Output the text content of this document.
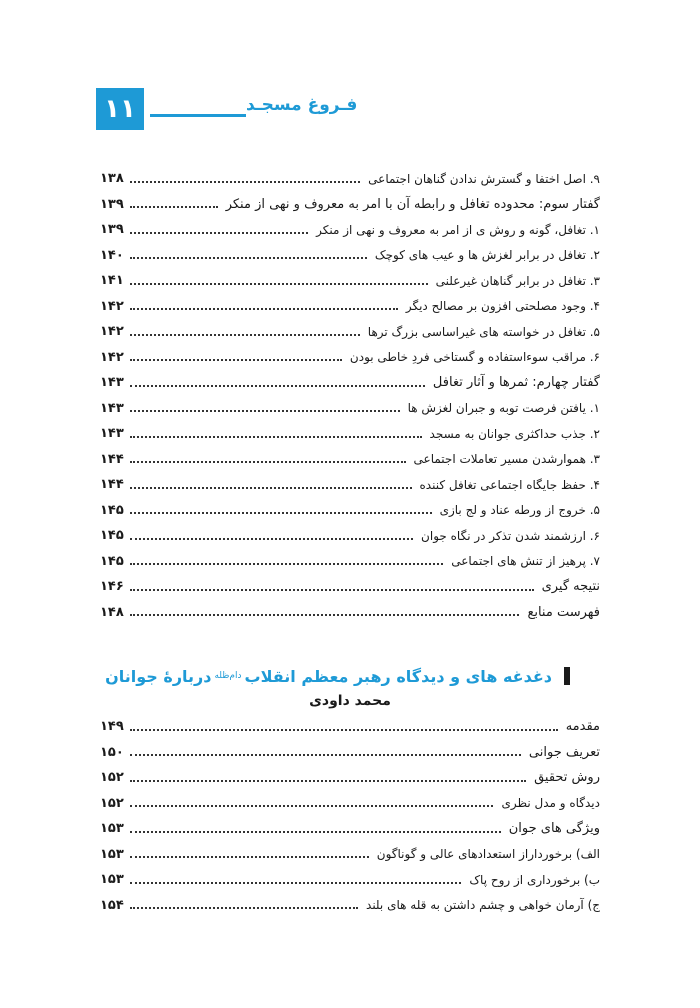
۱۱	فـروغ مسجـد
۹. اصل اختفا و گسترش ندادن گناهان اجتماعی
۱۳۸
گفتار سوم: محدوده تغافل و رابطه آن با امر به معروف و نهی از منکر
۱۳۹
۱. تغافل، گونه و روش ی از امر به معروف و نهی از منکر
۱۳۹
۲. تغافل در برابر لغزش ها و عیب های کوچک
۱۴۰
۳. تغافل در برابر گناهان غیرعلنی
۱۴۱
۴. وجود مصلحتی افزون بر مصالح دیگر
۱۴۲
۵. تغافل در خواسته های غیراساسی بزرگ ترها
۱۴۲
۶. مراقب سوءاستفاده و گستاخی فردِ خاطی بودن
۱۴۲
گفتار چهارم: ثمرها و آثار تغافل
۱۴۳
۱. یافتن فرصت توبه و جبران لغزش ها
۱۴۳
۲. جذب حداکثری جوانان به مسجد
۱۴۳
۳. هموارشدن مسیر تعاملات اجتماعی
۱۴۴
۴. حفظ جایگاه اجتماعی تغافل کننده
۱۴۴
۵. خروج از ورطه عناد و لج بازی
۱۴۵
۶. ارزشمند شدن تذکر در نگاه جوان
۱۴۵
۷. پرهیز از تنش های اجتماعی
۱۴۵
نتیجه گیری
۱۴۶
فهرست منابع
۱۴۸
دغدغه های و دیدگاه رهبر معظم انقلاب
دام‌ظله
دربارهٔ جوانان
محمد داودی
مقدمه
۱۴۹
تعریف جوانی
۱۵۰
روش تحقیق
۱۵۲
دیدگاه و مدل نظری
۱۵۲
ویژگی های جوان
۱۵۳
الف) برخورداراز استعدادهای عالی و گوناگون
۱۵۳
ب) برخورداری از روح پاک
۱۵۳
ج) آرمان خواهی و چشم داشتن به قله های بلند
۱۵۴
